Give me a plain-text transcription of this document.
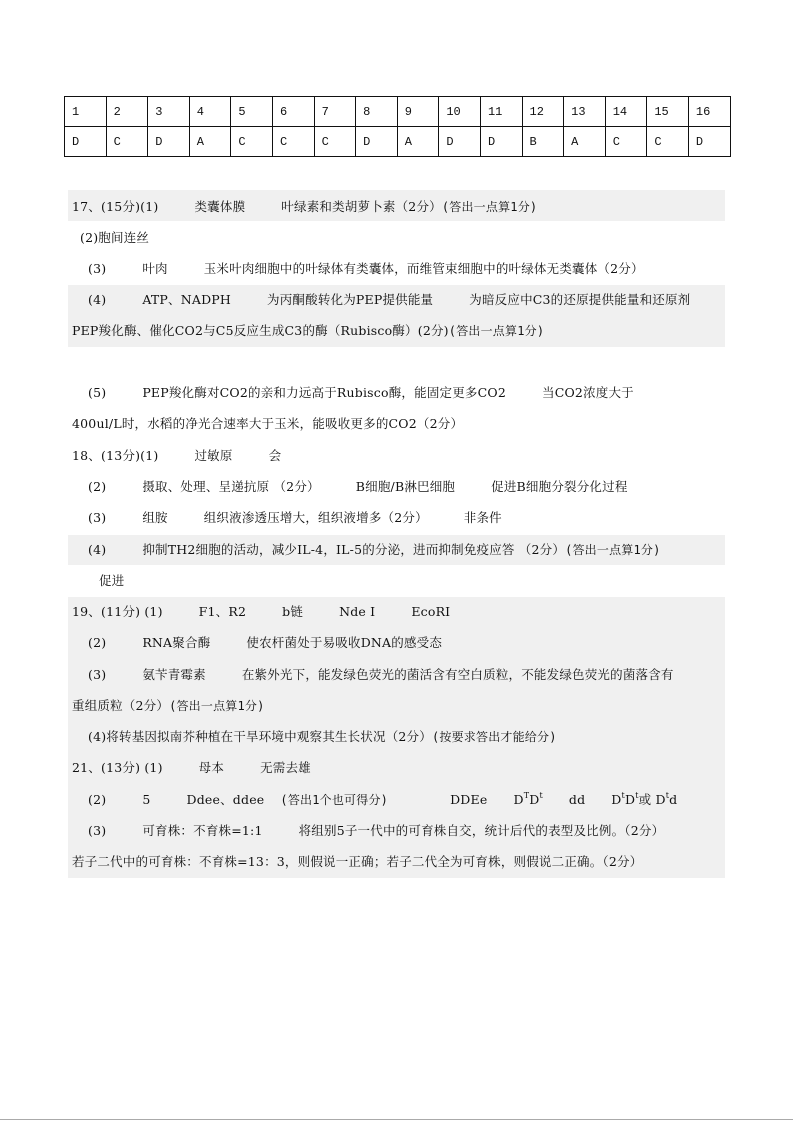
1	2	3	4	5	6	7	8	9	10	11	12	13	14	15	16
D	C	D	A	C	C	C	D	A	D	D	B	A	C	C	D
17、(15分)(1)	类囊体膜	叶绿素和类胡萝卜素（2分）(答出一点算1分)
(2)胞间连丝
(3)	叶肉	玉米叶肉细胞中的叶绿体有类囊体，而维管束细胞中的叶绿体无类囊体（2分）
(4)	ATP、NADPH	为丙酮酸转化为PEP提供能量	为暗反应中C3的还原提供能量和还原剂
PEP羧化酶、催化CO2与C5反应生成C3的酶（Rubisco酶）(2分)(答出一点算1分)
(5)	PEP羧化酶对CO2的亲和力远高于Rubisco酶，能固定更多CO2	当CO2浓度大于
400ul/L时，水稻的净光合速率大于玉米，能吸收更多的CO2（2分）
18、(13分)(1)	过敏原	会
(2)	摄取、处理、呈递抗原 （2分）	B细胞/B淋巴细胞	促进B细胞分裂分化过程
(3)	组胺	组织液渗透压增大，组织液增多（2分）	非条件
(4)	抑制TH2细胞的活动，减少IL-4，IL-5的分泌，进而抑制免疫应答 （2分）(答出一点算1分)
促进
19、(11分) (1)	F1、R2	b链	Nde I	EcoRⅠ
(2)	RNA聚合酶	使农杆菌处于易吸收DNA的感受态
(3)	氨苄青霉素	在紫外光下，能发绿色荧光的菌活含有空白质粒，不能发绿色荧光的菌落含有
重组质粒（2分）(答出一点算1分)
(4)将转基因拟南芥种植在干旱环境中观察其生长状况（2分）(按要求答出才能给分)
21、(13分) (1)	母本	无需去雄
(2)	5	Ddee、ddee (答出1个也可得分)	DDEe $D^TD^t$ dd $D^tD^t$或 $D^td$
(3)	可育株：不育株=1:1	将组别5子一代中的可育株自交，统计后代的表型及比例。（2分）
若子二代中的可育株：不育株=13：3，则假说一正确；若子二代全为可育株，则假说二正确。（2分）
